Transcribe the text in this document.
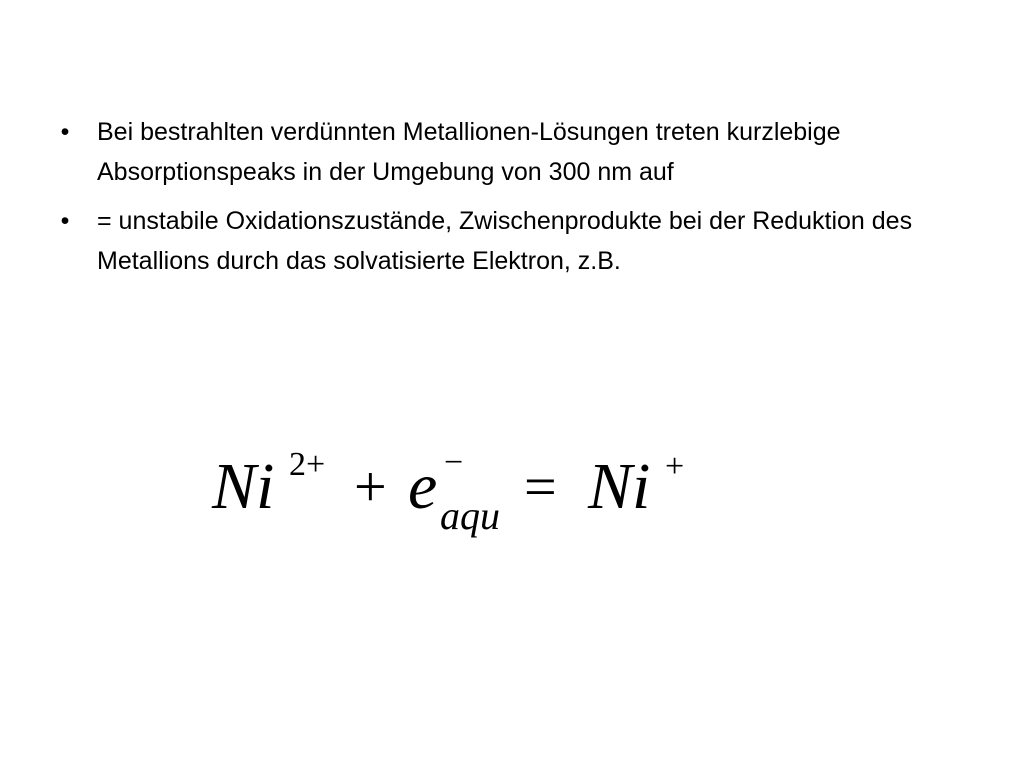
• Bei bestrahlten verdünnten Metallionen-Lösungen treten kurzlebige Absorptionspeaks in der Umgebung von 300 nm auf
• = unstabile Oxidationszustände, Zwischenprodukte bei der Reduktion des Metallions durch das solvatisierte Elektron, z.B.
Ni 2+ + e −
aqu = Ni +
